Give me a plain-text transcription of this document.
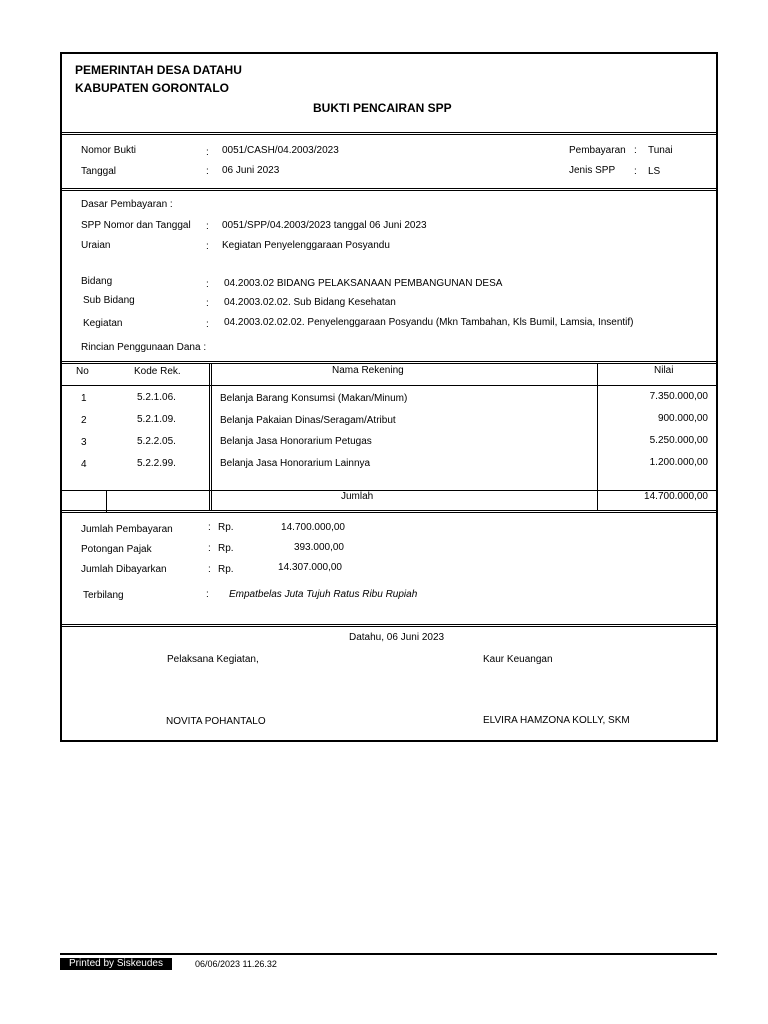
PEMERINTAH DESA DATAHU
KABUPATEN GORONTALO
BUKTI PENCAIRAN SPP
Nomor Bukti	: 0051/CASH/04.2003/2023
Tanggal	: 06 Juni 2023
Pembayaran : Tunai
Jenis SPP : LS
Dasar Pembayaran :
SPP Nomor dan Tanggal : 0051/SPP/04.2003/2023 tanggal 06 Juni 2023
Uraian	: Kegiatan Penyelenggaraan Posyandu
Bidang	: 04.2003.02 BIDANG PELAKSANAAN PEMBANGUNAN DESA
Sub Bidang	: 04.2003.02.02. Sub Bidang Kesehatan
Kegiatan	: 04.2003.02.02.02. Penyelenggaraan Posyandu (Mkn Tambahan, Kls Bumil, Lamsia, Insentif)
Rincian Penggunaan Dana :
No	Kode Rek.	Nama Rekening	Nilai
1	5.2.1.06.	Belanja Barang Konsumsi (Makan/Minum)	7.350.000,00
2	5.2.1.09.	Belanja Pakaian Dinas/Seragam/Atribut	900.000,00
3	5.2.2.05.	Belanja Jasa Honorarium Petugas	5.250.000,00
4	5.2.2.99.	Belanja Jasa Honorarium Lainnya	1.200.000,00
Jumlah	14.700.000,00
Jumlah Pembayaran	: Rp.	14.700.000,00
Potongan Pajak	: Rp.	393.000,00
Jumlah Dibayarkan	: Rp.	14.307.000,00
Terbilang	: Empatbelas Juta Tujuh Ratus Ribu Rupiah
Datahu, 06 Juni 2023
Pelaksana Kegiatan,	Kaur Keuangan
NOVITA POHANTALO	ELVIRA HAMZONA KOLLY, SKM
Printed by Siskeudes	06/06/2023 11.26.32
